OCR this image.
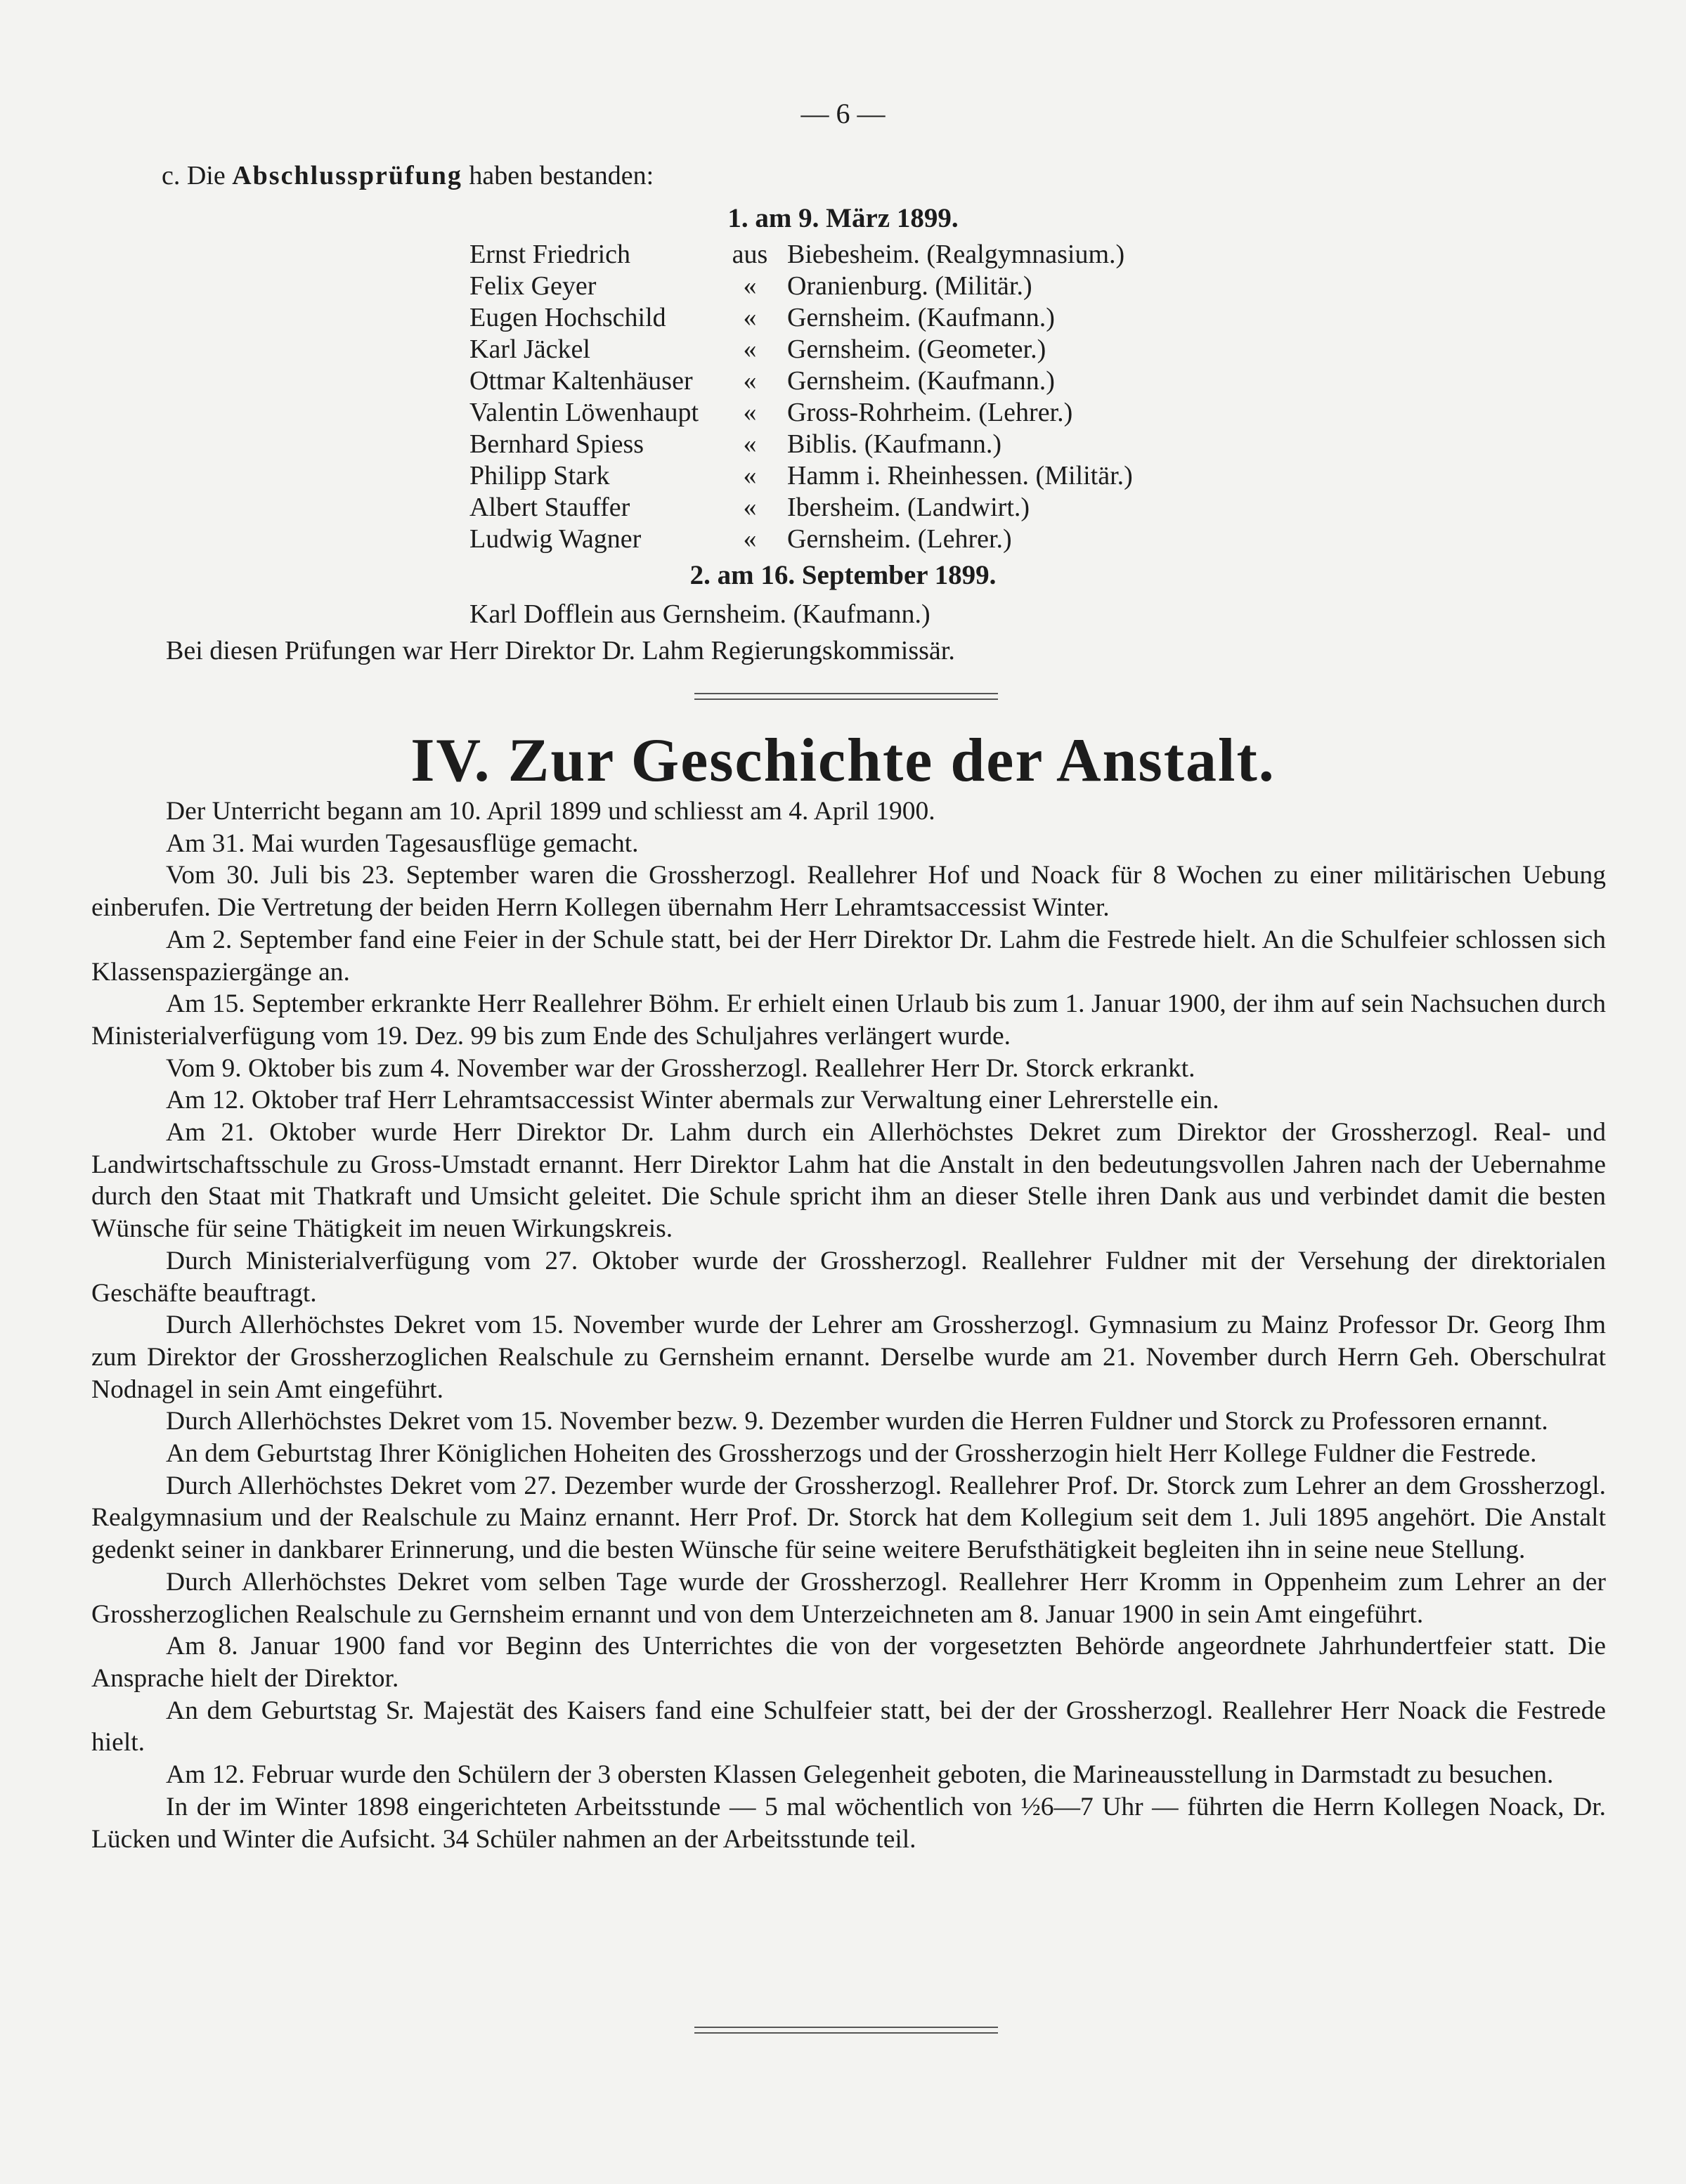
— 6 —
c. Die Abschlussprüfung haben bestanden:
1. am 9. März 1899.
Ernst Friedrich	aus Biebesheim. (Realgymnasium.)
Felix Geyer	«	Oranienburg. (Militär.)
Eugen Hochschild	«	Gernsheim. (Kaufmann.)
Karl Jäckel	«	Gernsheim. (Geometer.)
Ottmar Kaltenhäuser	«	Gernsheim. (Kaufmann.)
Valentin Löwenhaupt	«	Gross-Rohrheim. (Lehrer.)
Bernhard Spiess	«	Biblis. (Kaufmann.)
Philipp Stark	«	Hamm i. Rheinhessen. (Militär.)
Albert Stauffer	«	Ibersheim. (Landwirt.)
Ludwig Wagner	«	Gernsheim. (Lehrer.)
2. am 16. September 1899.
Karl Dofflein aus Gernsheim. (Kaufmann.)
Bei diesen Prüfungen war Herr Direktor Dr. Lahm Regierungskommissär.
IV. Zur Geschichte der Anstalt.

Der Unterricht begann am 10. April 1899 und schliesst am 4. April 1900.

Am 31. Mai wurden Tagesausflüge gemacht.

Vom 30. Juli bis 23. September waren die Grossherzogl. Reallehrer Hof und Noack für 8 Wochen zu einer militärischen Uebung einberufen. Die Vertretung der beiden Herrn Kollegen übernahm Herr Lehramtsaccessist Winter.

Am 2. September fand eine Feier in der Schule statt, bei der Herr Direktor Dr. Lahm die Festrede hielt. An die Schulfeier schlossen sich Klassenspaziergänge an.

Am 15. September erkrankte Herr Reallehrer Böhm. Er erhielt einen Urlaub bis zum 1. Januar 1900, der ihm auf sein Nachsuchen durch Ministerialverfügung vom 19. Dez. 99 bis zum Ende des Schuljahres verlängert wurde.

Vom 9. Oktober bis zum 4. November war der Grossherzogl. Reallehrer Herr Dr. Storck erkrankt.

Am 12. Oktober traf Herr Lehramtsaccessist Winter abermals zur Verwaltung einer Lehrerstelle ein.

Am 21. Oktober wurde Herr Direktor Dr. Lahm durch ein Allerhöchstes Dekret zum Direktor der Grossherzogl. Real- und Landwirtschaftsschule zu Gross-Umstadt ernannt. Herr Direktor Lahm hat die Anstalt in den bedeutungsvollen Jahren nach der Uebernahme durch den Staat mit Thatkraft und Umsicht geleitet. Die Schule spricht ihm an dieser Stelle ihren Dank aus und verbindet damit die besten Wünsche für seine Thätigkeit im neuen Wirkungskreis.

Durch Ministerialverfügung vom 27. Oktober wurde der Grossherzogl. Reallehrer Fuldner mit der Versehung der direktorialen Geschäfte beauftragt.

Durch Allerhöchstes Dekret vom 15. November wurde der Lehrer am Grossherzogl. Gymnasium zu Mainz Professor Dr. Georg Ihm zum Direktor der Grossherzoglichen Realschule zu Gernsheim ernannt. Derselbe wurde am 21. November durch Herrn Geh. Oberschulrat Nodnagel in sein Amt eingeführt.

Durch Allerhöchstes Dekret vom 15. November bezw. 9. Dezember wurden die Herren Fuldner und Storck zu Professoren ernannt.

An dem Geburtstag Ihrer Königlichen Hoheiten des Grossherzogs und der Grossherzogin hielt Herr Kollege Fuldner die Festrede.

Durch Allerhöchstes Dekret vom 27. Dezember wurde der Grossherzogl. Reallehrer Prof. Dr. Storck zum Lehrer an dem Grossherzogl. Realgymnasium und der Realschule zu Mainz ernannt. Herr Prof. Dr. Storck hat dem Kollegium seit dem 1. Juli 1895 angehört. Die Anstalt gedenkt seiner in dankbarer Erinnerung, und die besten Wünsche für seine weitere Berufsthätigkeit begleiten ihn in seine neue Stellung.

Durch Allerhöchstes Dekret vom selben Tage wurde der Grossherzogl. Reallehrer Herr Kromm in Oppenheim zum Lehrer an der Grossherzoglichen Realschule zu Gernsheim ernannt und von dem Unterzeichneten am 8. Januar 1900 in sein Amt eingeführt.

Am 8. Januar 1900 fand vor Beginn des Unterrichtes die von der vorgesetzten Behörde angeordnete Jahrhundertfeier statt. Die Ansprache hielt der Direktor.

An dem Geburtstag Sr. Majestät des Kaisers fand eine Schulfeier statt, bei der der Grossherzogl. Reallehrer Herr Noack die Festrede hielt.

Am 12. Februar wurde den Schülern der 3 obersten Klassen Gelegenheit geboten, die Marineausstellung in Darmstadt zu besuchen.

In der im Winter 1898 eingerichteten Arbeitsstunde — 5 mal wöchentlich von ½6—7 Uhr — führten die Herrn Kollegen Noack, Dr. Lücken und Winter die Aufsicht. 34 Schüler nahmen an der Arbeitsstunde teil.
